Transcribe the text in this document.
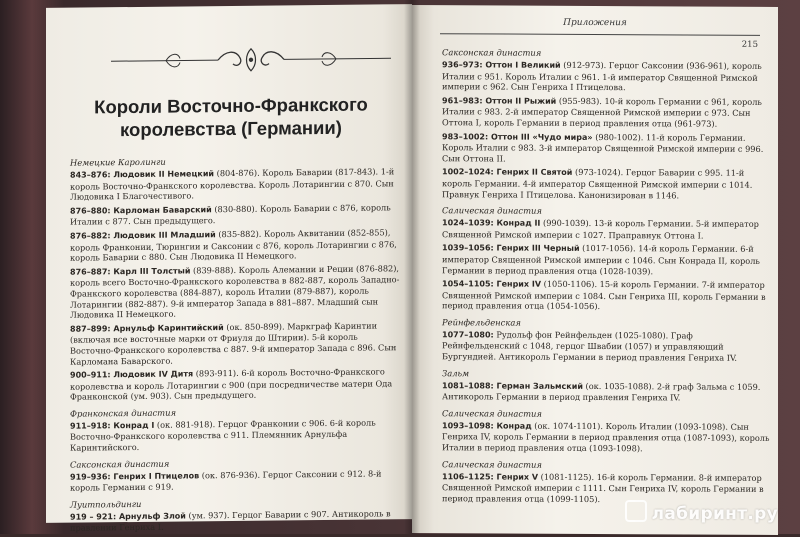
Короли Восточно-Франкского королевства (Германии)
Немецкие Каролинги
843–876: Людовик II Немецкий (804-876). Король Баварии (817-843). 1-й король Восточно-Франкского королевства. Король Лотарингии с 870. Сын Людовика I Благочестивого.
876–880: Карломан Баварский (830-880). Король Баварии с 876, король Италии с 877. Сын предыдущего.
876–882: Людовик III Младший (835-882). Король Аквитании (852-855), король Франконии, Тюрингии и Саксонии с 876, король Лотарингии с 876, король Баварии с 880. Сын Людовика II Немецкого.
876–887: Карл III Толстый (839-888). Король Алемании и Реции (876-882), король всего Восточно-Франкского королевства в 882-887, король Западно-Франкского королевства (884-887), король Италии (879-887), король Лотарингии (882-887). 9-й император Запада в 881–887. Младший сын Людовика II Немецкого.
887–899: Арнульф Каринтийский (ок. 850-899). Маркграф Каринтии (включая все восточные марки от Фриуля до Штирии). 5-й король Восточно-Франкского королевства с 887. 9-й император Запада с 896. Сын Карломана Баварского.
900–911: Людовик IV Дитя (893-911). 6-й король Восточно-Франкского королевства и король Лотарингии с 900 (при посредничестве матери Ода Франконской (ум. 903). Сын предыдущего.
Франконская династия
911–918: Конрад I (ок. 881-918). Герцог Франконии с 906. 6-й король Восточно-Франкского королевства с 911. Племянник Арнульфа Каринтийского.
Саксонская династия
919–936: Генрих I Птицелов (ок. 876-936). Герцог Саксонии с 912. 8-й король Германии с 919.
Луитпольдинги
919 – 921: Арнульф Злой (ум. 937). Герцог Баварии с 907. Антикороль в правлении Генриха I.
Приложения
215
Саксонская династия
936–973: Оттон I Великий (912-973). Герцог Саксонии (936-961), король Италии с 951. Король Италии с 961. 1-й император Священной Римской империи с 962. Сын Генриха I Птицелова.
961–983: Оттон II Рыжий (955-983). 10-й король Германии с 961, король Италии с 983. 2-й император Священной Римской империи с 973. Сын Оттона I, король Германии в период правления отца (961-973).
983–1002: Оттон III «Чудо мира» (980-1002). 11-й король Германии. Король Италии с 983. 3-й император Священной Римской империи с 996. Сын Оттона II.
1002–1024: Генрих II Святой (973-1024). Герцог Баварии с 995. 11-й король Германии. 4-й император Священной Римской империи с 1014. Правнук Генриха I Птицелова. Канонизирован в 1146.
Салическая династия
1024–1039: Конрад II (990-1039). 13-й король Германии. 5-й император Священной Римской империи с 1027. Праправнук Оттона I.
1039–1056: Генрих III Черный (1017-1056). 14-й король Германии. 6-й император Священной Римской империи с 1046. Сын Конрада II, король Германии в период правления отца (1028-1039).
1054–1105: Генрих IV (1050-1106). 15-й король Германии. 7-й император Священной Римской империи с 1084. Сын Генриха III, король Германии в период правления отца (1054-1056).
Рейнфельденская
1077–1080: Рудольф фон Рейнфельден (1025-1080). Граф Рейнфельденский с 1048, герцог Швабии (1057) и управляющий Бургундией. Антикороль Германии в период правления Генриха IV.
Зальм
1081–1088: Герман Зальмский (ок. 1035-1088). 2-й граф Зальма с 1059. Антикороль Германии в период правления Генриха IV.
Салическая династия
1093–1098: Конрад (ок. 1074-1101). Король Италии (1093-1098). Сын Генриха IV, король Германии в период правления отца (1087-1093), король Италии в период правления отца (1093-1098).
Салическая династия
1106–1125: Генрих V (1081-1125). 16-й король Германии. 8-й император Священной Римской империи с 1111. Сын Генриха IV, король Германии в период правления отца (1099-1105).
лабиринт.ру
